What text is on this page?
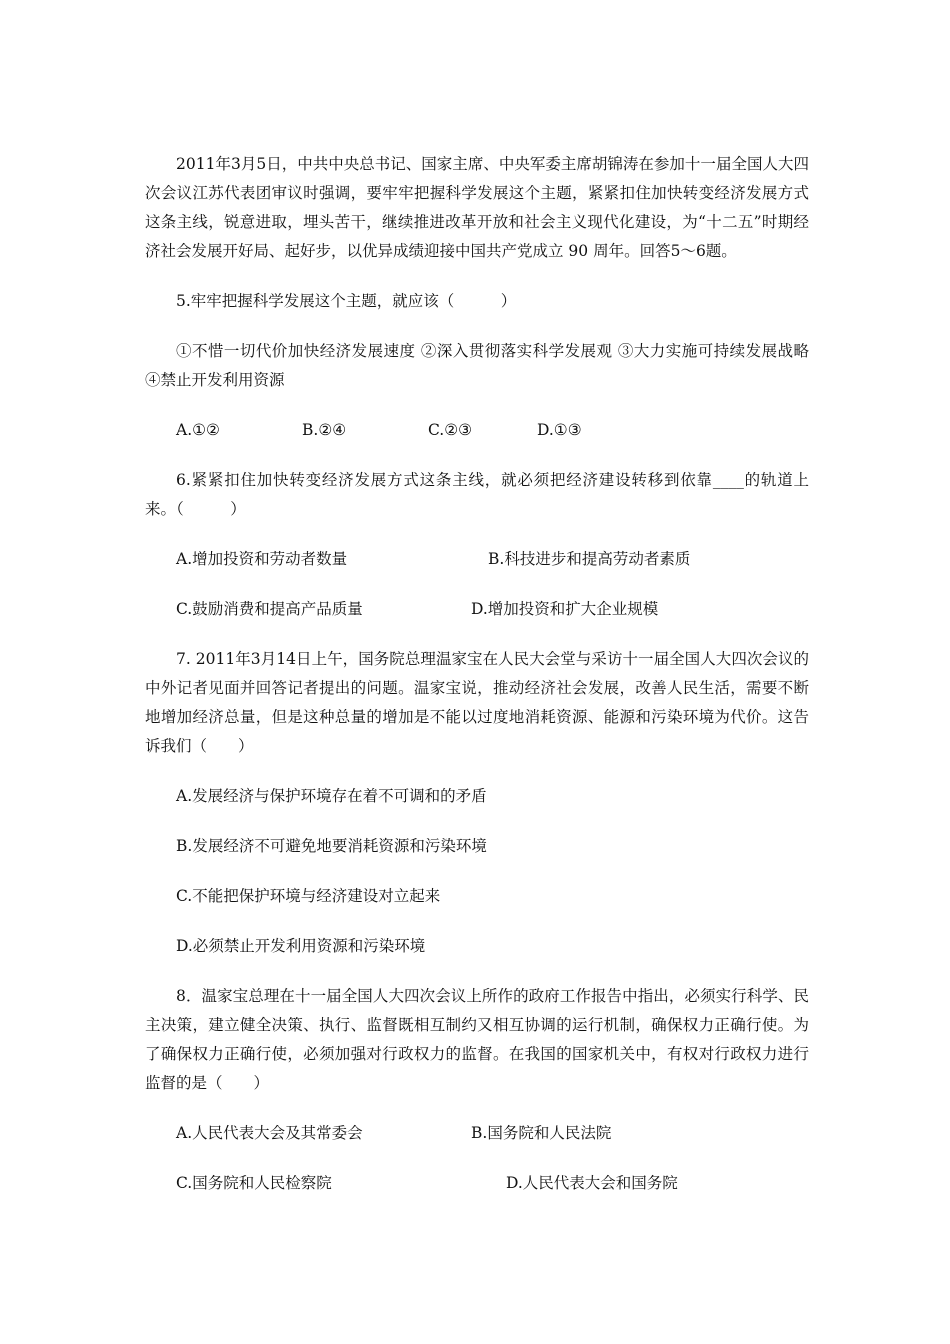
2011年3月5日，中共中央总书记、国家主席、中央军委主席胡锦涛在参加十一届全国人大四次会议江苏代表团审议时强调，要牢牢把握科学发展这个主题，紧紧扣住加快转变经济发展方式这条主线，锐意进取，埋头苦干，继续推进改革开放和社会主义现代化建设，为“十二五”时期经济社会发展开好局、起好步，以优异成绩迎接中国共产党成立 90 周年。回答5～6题。

5.牢牢把握科学发展这个主题，就应该（　　　）

①不惜一切代价加快经济发展速度 ②深入贯彻落实科学发展观 ③大力实施可持续发展战略 ④禁止开发利用资源

A.①②	B.②④	C.②③	D.①③

6.紧紧扣住加快转变经济发展方式这条主线，就必须把经济建设转移到依靠____的轨道上来。（　　　）

A.增加投资和劳动者数量	B.科技进步和提高劳动者素质
C.鼓励消费和提高产品质量	D.增加投资和扩大企业规模

7. 2011年3月14日上午，国务院总理温家宝在人民大会堂与采访十一届全国人大四次会议的中外记者见面并回答记者提出的问题。温家宝说，推动经济社会发展，改善人民生活，需要不断地增加经济总量，但是这种总量的增加是不能以过度地消耗资源、能源和污染环境为代价。这告诉我们（　　）

A.发展经济与保护环境存在着不可调和的矛盾

B.发展经济不可避免地要消耗资源和污染环境

C.不能把保护环境与经济建设对立起来

D.必须禁止开发利用资源和污染环境

8．温家宝总理在十一届全国人大四次会议上所作的政府工作报告中指出，必须实行科学、民主决策，建立健全决策、执行、监督既相互制约又相互协调的运行机制，确保权力正确行使。为了确保权力正确行使，必须加强对行政权力的监督。在我国的国家机关中，有权对行政权力进行监督的是（　　）

A.人民代表大会及其常委会	B.国务院和人民法院
C.国务院和人民检察院	D.人民代表大会和国务院
